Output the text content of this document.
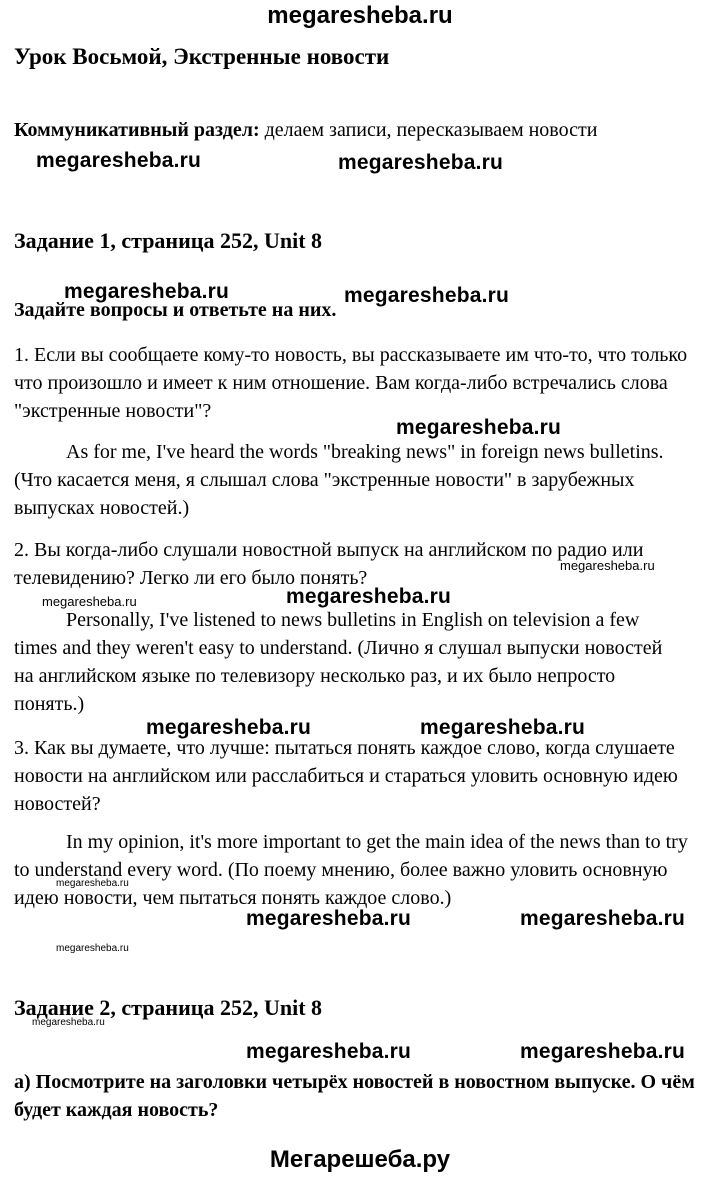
megaresheba.ru
Урок Восьмой, Экстренные новости
Коммуникативный раздел: делаем записи, пересказываем новости
megaresheba.ru	megaresheba.ru
Задание 1, страница 252, Unit 8
megaresheba.ru	megaresheba.ru
Задайте вопросы и ответьте на них.
1. Если вы сообщаете кому-то новость, вы рассказываете им что-то, что только что произошло и имеет к ним отношение. Вам когда-либо встречались слова "экстренные новости"?
megaresheba.ru
As for me, I've heard the words "breaking news" in foreign news bulletins. (Что касается меня, я слышал слова "экстренные новости" в зарубежных выпусках новостей.)
2. Вы когда-либо слушали новостной выпуск на английском по радио или телевидению? Легко ли его было понять?
megaresheba.ru
megaresheba.ru	megaresheba.ru
Personally, I've listened to news bulletins in English on television a few times and they weren't easy to understand. (Лично я слушал выпуски новостей на английском языке по телевизору несколько раз, и их было непросто понять.)
megaresheba.ru	megaresheba.ru
3. Как вы думаете, что лучше: пытаться понять каждое слово, когда слушаете новости на английском или расслабиться и стараться уловить основную идею новостей?
In my opinion, it's more important to get the main idea of the news than to try to understand every word. (По поему мнению, более важно уловить основную идею новости, чем пытаться понять каждое слово.)
megaresheba.ru
megaresheba.ru	megaresheba.ru
megaresheba.ru
Задание 2, страница 252, Unit 8
megaresheba.ru
megaresheba.ru	megaresheba.ru
а) Посмотрите на заголовки четырёх новостей в новостном выпуске. О чём будет каждая новость?
Мегарешеба.ру
